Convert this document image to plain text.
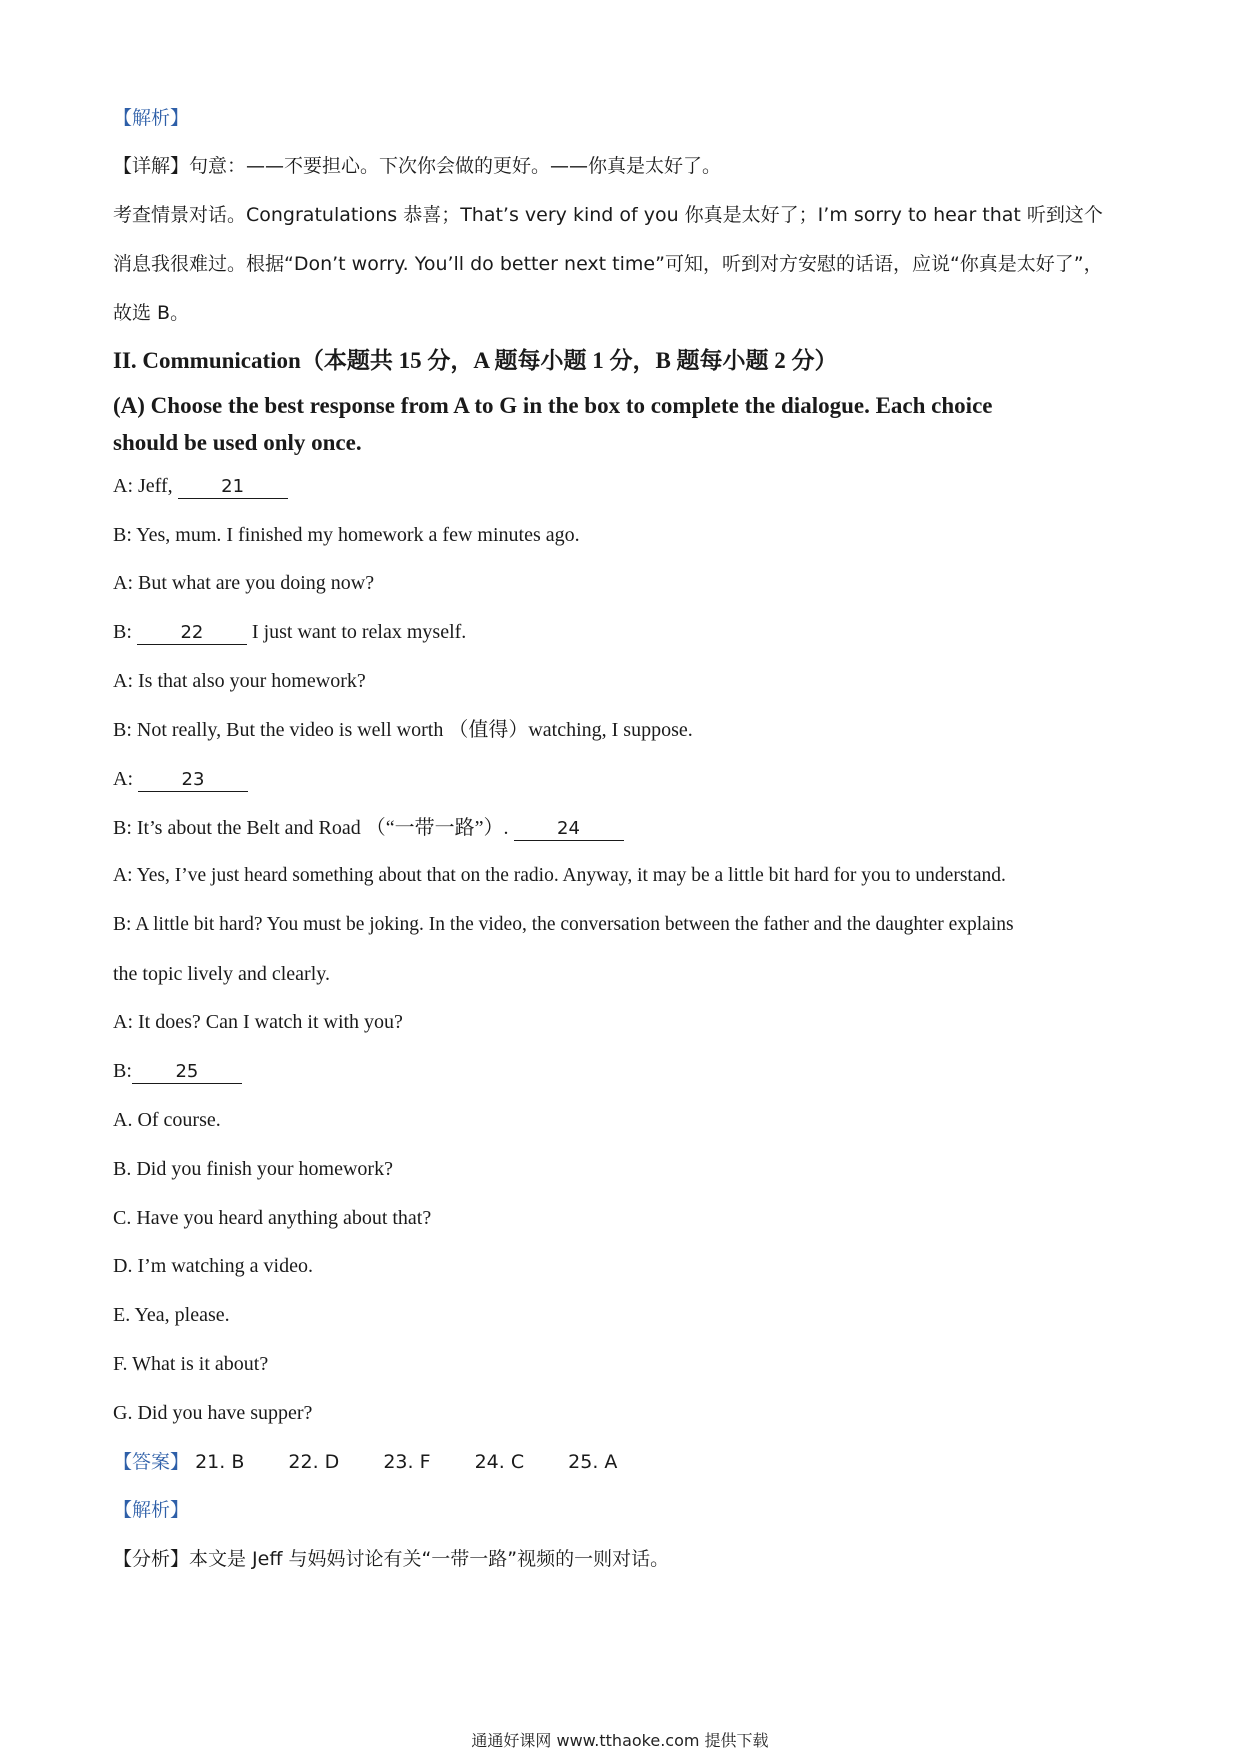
【解析】
【详解】句意：——不要担心。下次你会做的更好。——你真是太好了。
考查情景对话。Congratulations 恭喜；That’s very kind of you 你真是太好了；I’m sorry to hear that 听到这个
消息我很难过。根据“Don’t worry. You’ll do better next time”可知，听到对方安慰的话语，应说“你真是太好了”，
故选 B。
II. Communication（本题共 15 分，A 题每小题 1 分，B 题每小题 2 分）
(A) Choose the best response from A to G in the box to complete the dialogue. Each choice
should be used only once.
A: Jeff, 21
B: Yes, mum. I finished my homework a few minutes ago.
A: But what are you doing now?
B: 22 I just want to relax myself.
A: Is that also your homework?
B: Not really, But the video is well worth （值得）watching, I suppose.
A: 23
B: It’s about the Belt and Road （“一带一路”）. 24
A: Yes, I’ve just heard something about that on the radio. Anyway, it may be a little bit hard for you to understand.
B: A little bit hard? You must be joking. In the video, the conversation between the father and the daughter explains
the topic lively and clearly.
A: It does? Can I watch it with you?
B: 25
A. Of course.
B. Did you finish your homework?
C. Have you heard anything about that?
D. I’m watching a video.
E. Yea, please.
F. What is it about?
G. Did you have supper?
【答案】 21. B 22. D 23. F 24. C 25. A
【解析】
【分析】本文是 Jeff 与妈妈讨论有关“一带一路”视频的一则对话。
通通好课网 www.tthaoke.com 提供下载
